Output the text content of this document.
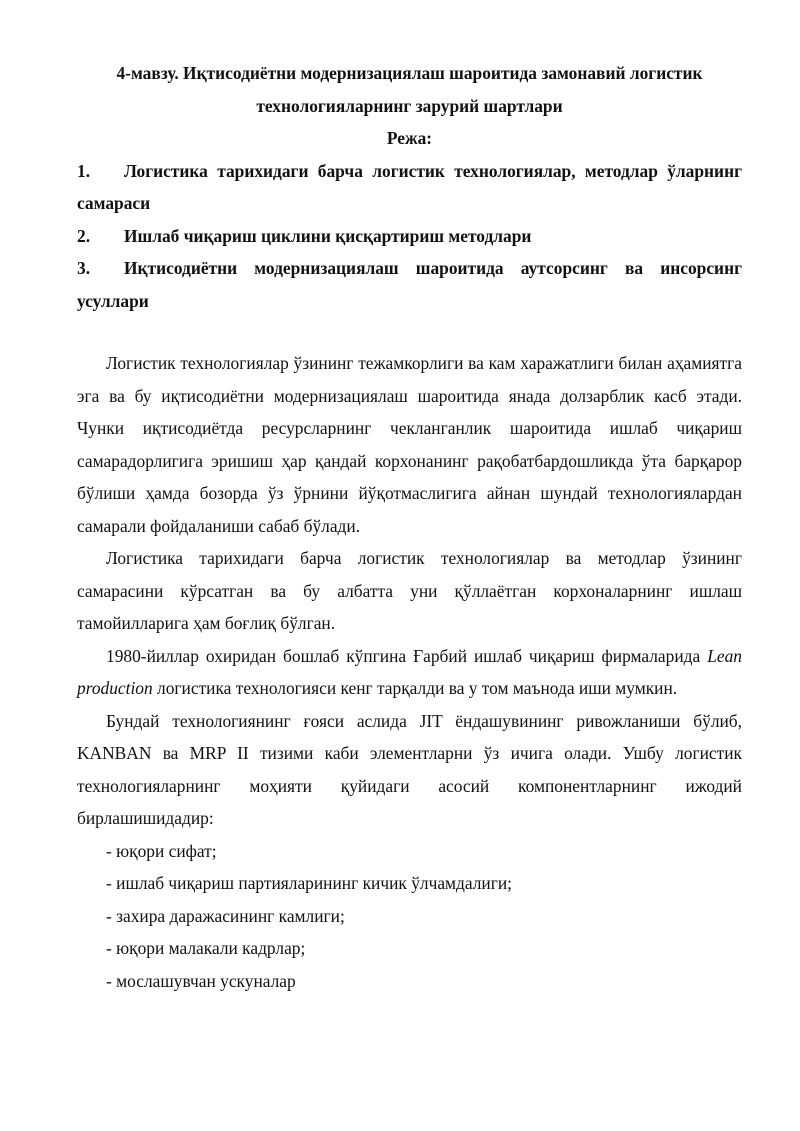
4-мавзу. Иқтисодиётни модернизациялаш шароитида замонавий логистик технологияларнинг зарурий шартлари

Режа:

1. Логистика тарихидаги барча логистик технологиялар, методлар ўларнинг самараси
2. Ишлаб чиқариш циклини қисқартириш методлари
3. Иқтисодиётни модернизациялаш шароитида аутсорсинг ва инсорсинг усуллари

Логистик технологиялар ўзининг тежамкорлиги ва кам харажатлиги билан аҳамиятга эга ва бу иқтисодиётни модернизациялаш шароитида янада долзарблик касб этади. Чунки иқтисодиётда ресурсларнинг чекланганлик шароитида ишлаб чиқариш самарадорлигига эришиш ҳар қандай корхонанинг рақобатбардошликда ўта барқарор бўлиши ҳамда бозорда ўз ўрнини йўқотмаслигига айнан шундай технологиялардан самарали фойдаланиши сабаб бўлади.

Логистика тарихидаги барча логистик технологиялар ва методлар ўзининг самарасини кўрсатган ва бу албатта уни қўллаётган корхоналарнинг ишлаш тамойилларига ҳам боғлиқ бўлган.

1980-йиллар охиридан бошлаб кўпгина Ғарбий ишлаб чиқариш фирмаларида Lean production логистика технологияси кенг тарқалди ва у том маънода иши мумкин.

Бундай технологиянинг ғояси аслида JIT ёндашувининг ривожланиши бўлиб, KANBAN ва MRP II тизими каби элементларни ўз ичига олади. Ушбу логистик технологияларнинг моҳияти қуйидаги асосий компонентларнинг ижодий бирлашишидадир:

- юқори сифат;
- ишлаб чиқариш партияларининг кичик ўлчамдалиги;
- захира даражасининг камлиги;
- юқори малакали кадрлар;
- мослашувчан ускуналар
